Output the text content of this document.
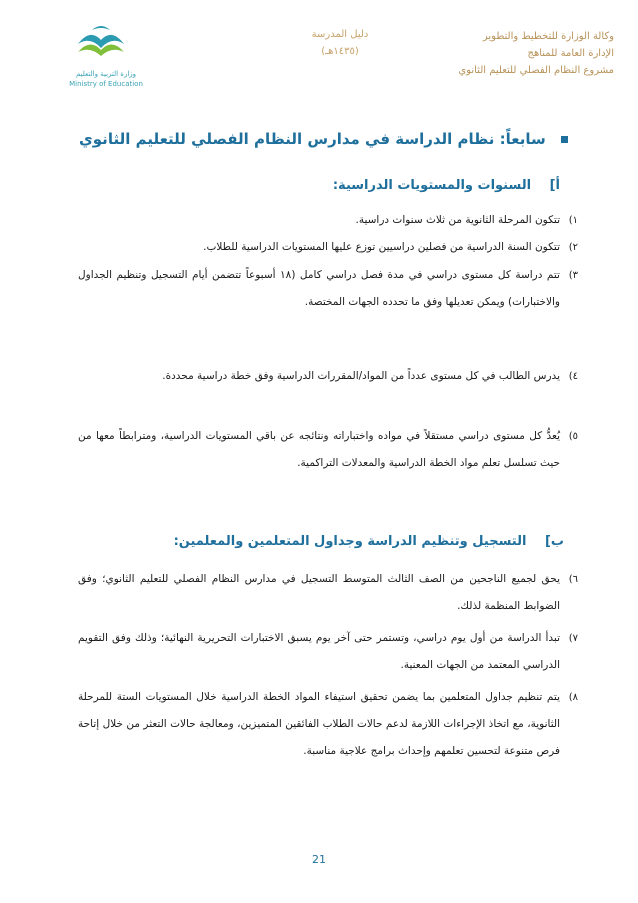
وزارة التربية والتعليم
Ministry of Education
دليل المدرسة
(١٤٣٥هـ)
وكالة الوزارة للتخطيط والتطوير
الإدارة العامة للمناهج
مشروع النظام الفصلي للتعليم الثانوي
سابعاً: نظام الدراسة في مدارس النظام الفصلي للتعليم الثانوي
أ] السنوات والمستويات الدراسية:
١)
تتكون المرحلة الثانوية من ثلاث سنوات دراسية.
٢)
تتكون السنة الدراسية من فصلين دراسيين توزع عليها المستويات الدراسية للطلاب.
٣)
تتم دراسة كل مستوى دراسي في مدة فصل دراسي كامل (١٨ أسبوعاً تتضمن أيام التسجيل وتنظيم الجداول والاختبارات) ويمكن تعديلها وفق ما تحدده الجهات المختصة.
٤)
يدرس الطالب في كل مستوى عدداً من المواد/المقررات الدراسية وفق خطة دراسية محددة.
٥)
يُعدُّ كل مستوى دراسي مستقلاً في مواده واختباراته ونتائجه عن باقي المستويات الدراسية، ومترابطاً معها من حيث تسلسل تعلم مواد الخطة الدراسية والمعدلات التراكمية.
ب] التسجيل وتنظيم الدراسة وجداول المتعلمين والمعلمين:
٦)
يحق لجميع الناجحين من الصف الثالث المتوسط التسجيل في مدارس النظام الفصلي للتعليم الثانوي؛ وفق الضوابط المنظمة لذلك.
٧)
تبدأ الدراسة من أول يوم دراسي، وتستمر حتى آخر يوم يسبق الاختبارات التحريرية النهائية؛ وذلك وفق التقويم الدراسي المعتمد من الجهات المعنية.
٨)
يتم تنظيم جداول المتعلمين بما يضمن تحقيق استيفاء المواد الخطة الدراسية خلال المستويات الستة للمرحلة الثانوية، مع اتخاذ الإجراءات اللازمة لدعم حالات الطلاب الفائقين المتميزين، ومعالجة حالات التعثر من خلال إتاحة فرص متنوعة لتحسين تعلمهم وإحداث برامج علاجية مناسبة.
21
